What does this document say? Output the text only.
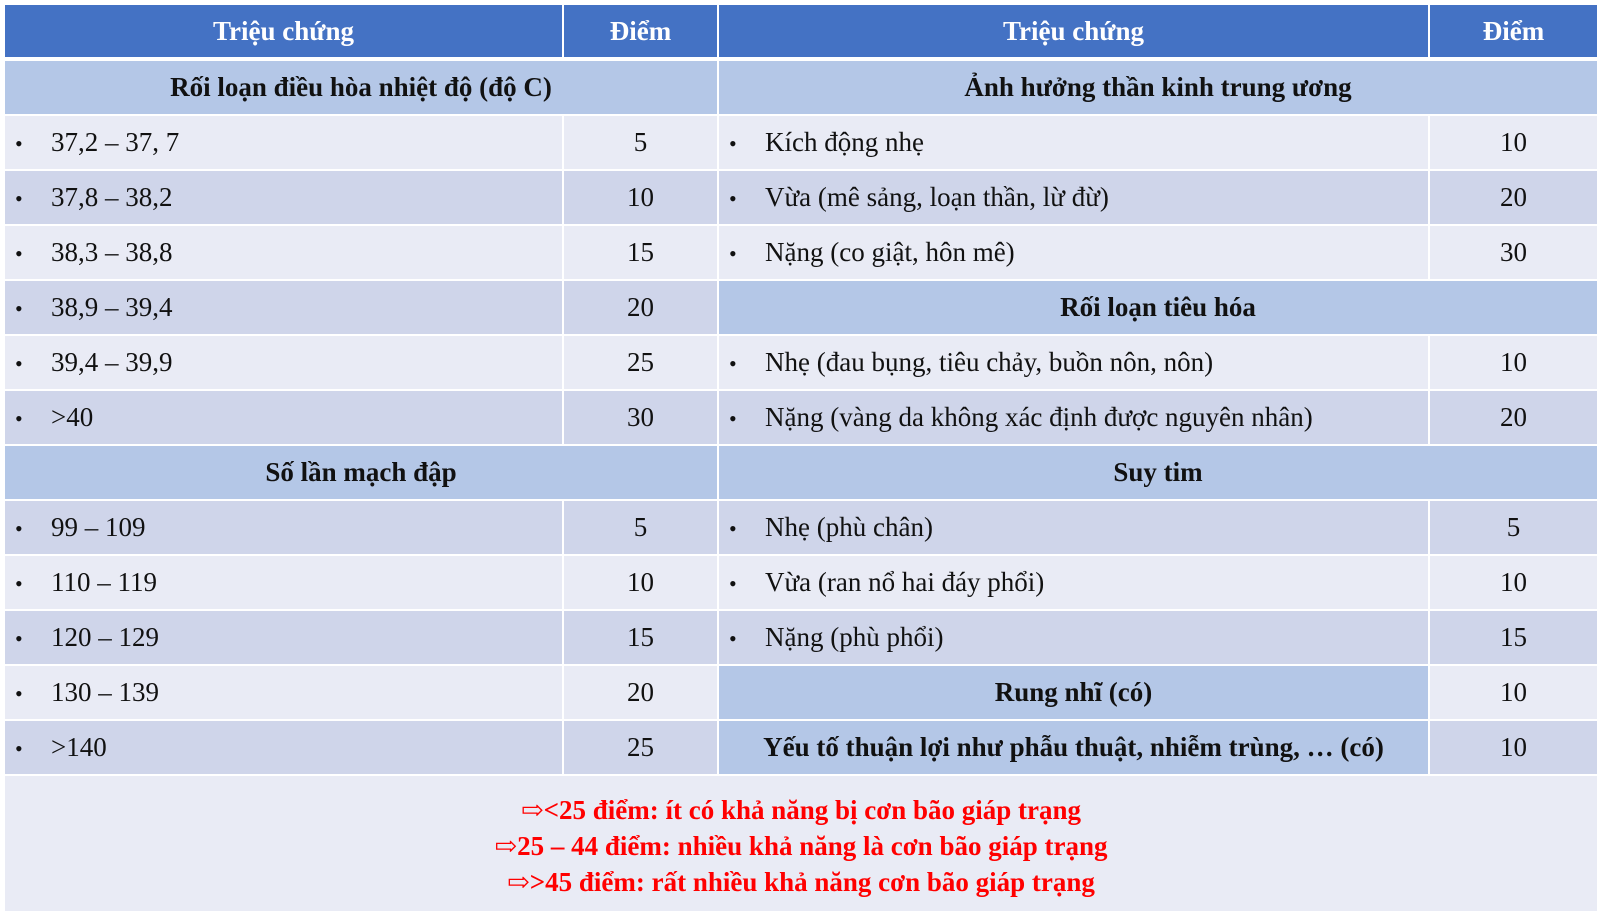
Triệu chứng	Điểm	Triệu chứng	Điểm
Rối loạn điều hòa nhiệt độ (độ C)		Ảnh hưởng thần kinh trung ương	
• 37,2 – 37, 7	5	• Kích động nhẹ	10
• 37,8 – 38,2	10	• Vừa (mê sảng, loạn thần, lừ đừ)	20
• 38,3 – 38,8	15	• Nặng (co giật, hôn mê)	30
• 38,9 – 39,4	20	Rối loạn tiêu hóa	
• 39,4 – 39,9	25	• Nhẹ (đau bụng, tiêu chảy, buồn nôn, nôn)	10
• >40	30	• Nặng (vàng da không xác định được nguyên nhân)	20
Số lần mạch đập		Suy tim	
• 99 – 109	5	• Nhẹ (phù chân)	5
• 110 – 119	10	• Vừa (ran nổ hai đáy phổi)	10
• 120 – 129	15	• Nặng (phù phổi)	15
• 130 – 139	20	Rung nhĩ (có)	10
• >140	25	Yếu tố thuận lợi như phẫu thuật, nhiễm trùng, … (có)	10

⇨<25 điểm: ít có khả năng bị cơn bão giáp trạng
⇨25 – 44 điểm: nhiều khả năng là cơn bão giáp trạng
⇨>45 điểm: rất nhiều khả năng cơn bão giáp trạng			
